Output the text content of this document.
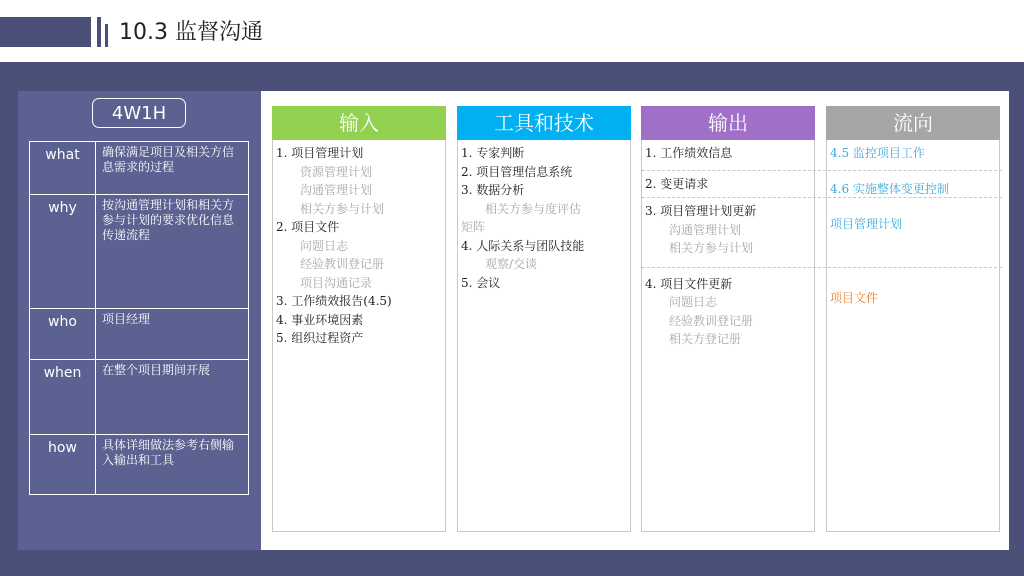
10.3 监督沟通
4W1H
what	确保满足项目及相关方信息需求的过程
why	按沟通管理计划和相关方参与计划的要求优化信息传递流程
who	项目经理
when	在整个项目期间开展
how	具体详细做法参考右侧输入输出和工具
输入
1. 项目管理计划
资源管理计划
沟通管理计划
相关方参与计划
2. 项目文件
问题日志
经验教训登记册
项目沟通记录
3. 工作绩效报告(4.5)
4. 事业环境因素
5. 组织过程资产
工具和技术
1. 专家判断
2. 项目管理信息系统
3. 数据分析
相关方参与度评估
矩阵
4. 人际关系与团队技能
观察/交谈
5. 会议
输出
1. 工作绩效信息
2. 变更请求
3. 项目管理计划更新
沟通管理计划
相关方参与计划
4. 项目文件更新
问题日志
经验教训登记册
相关方登记册
流向
4.5 监控项目工作
4.6 实施整体变更控制
项目管理计划
项目文件
